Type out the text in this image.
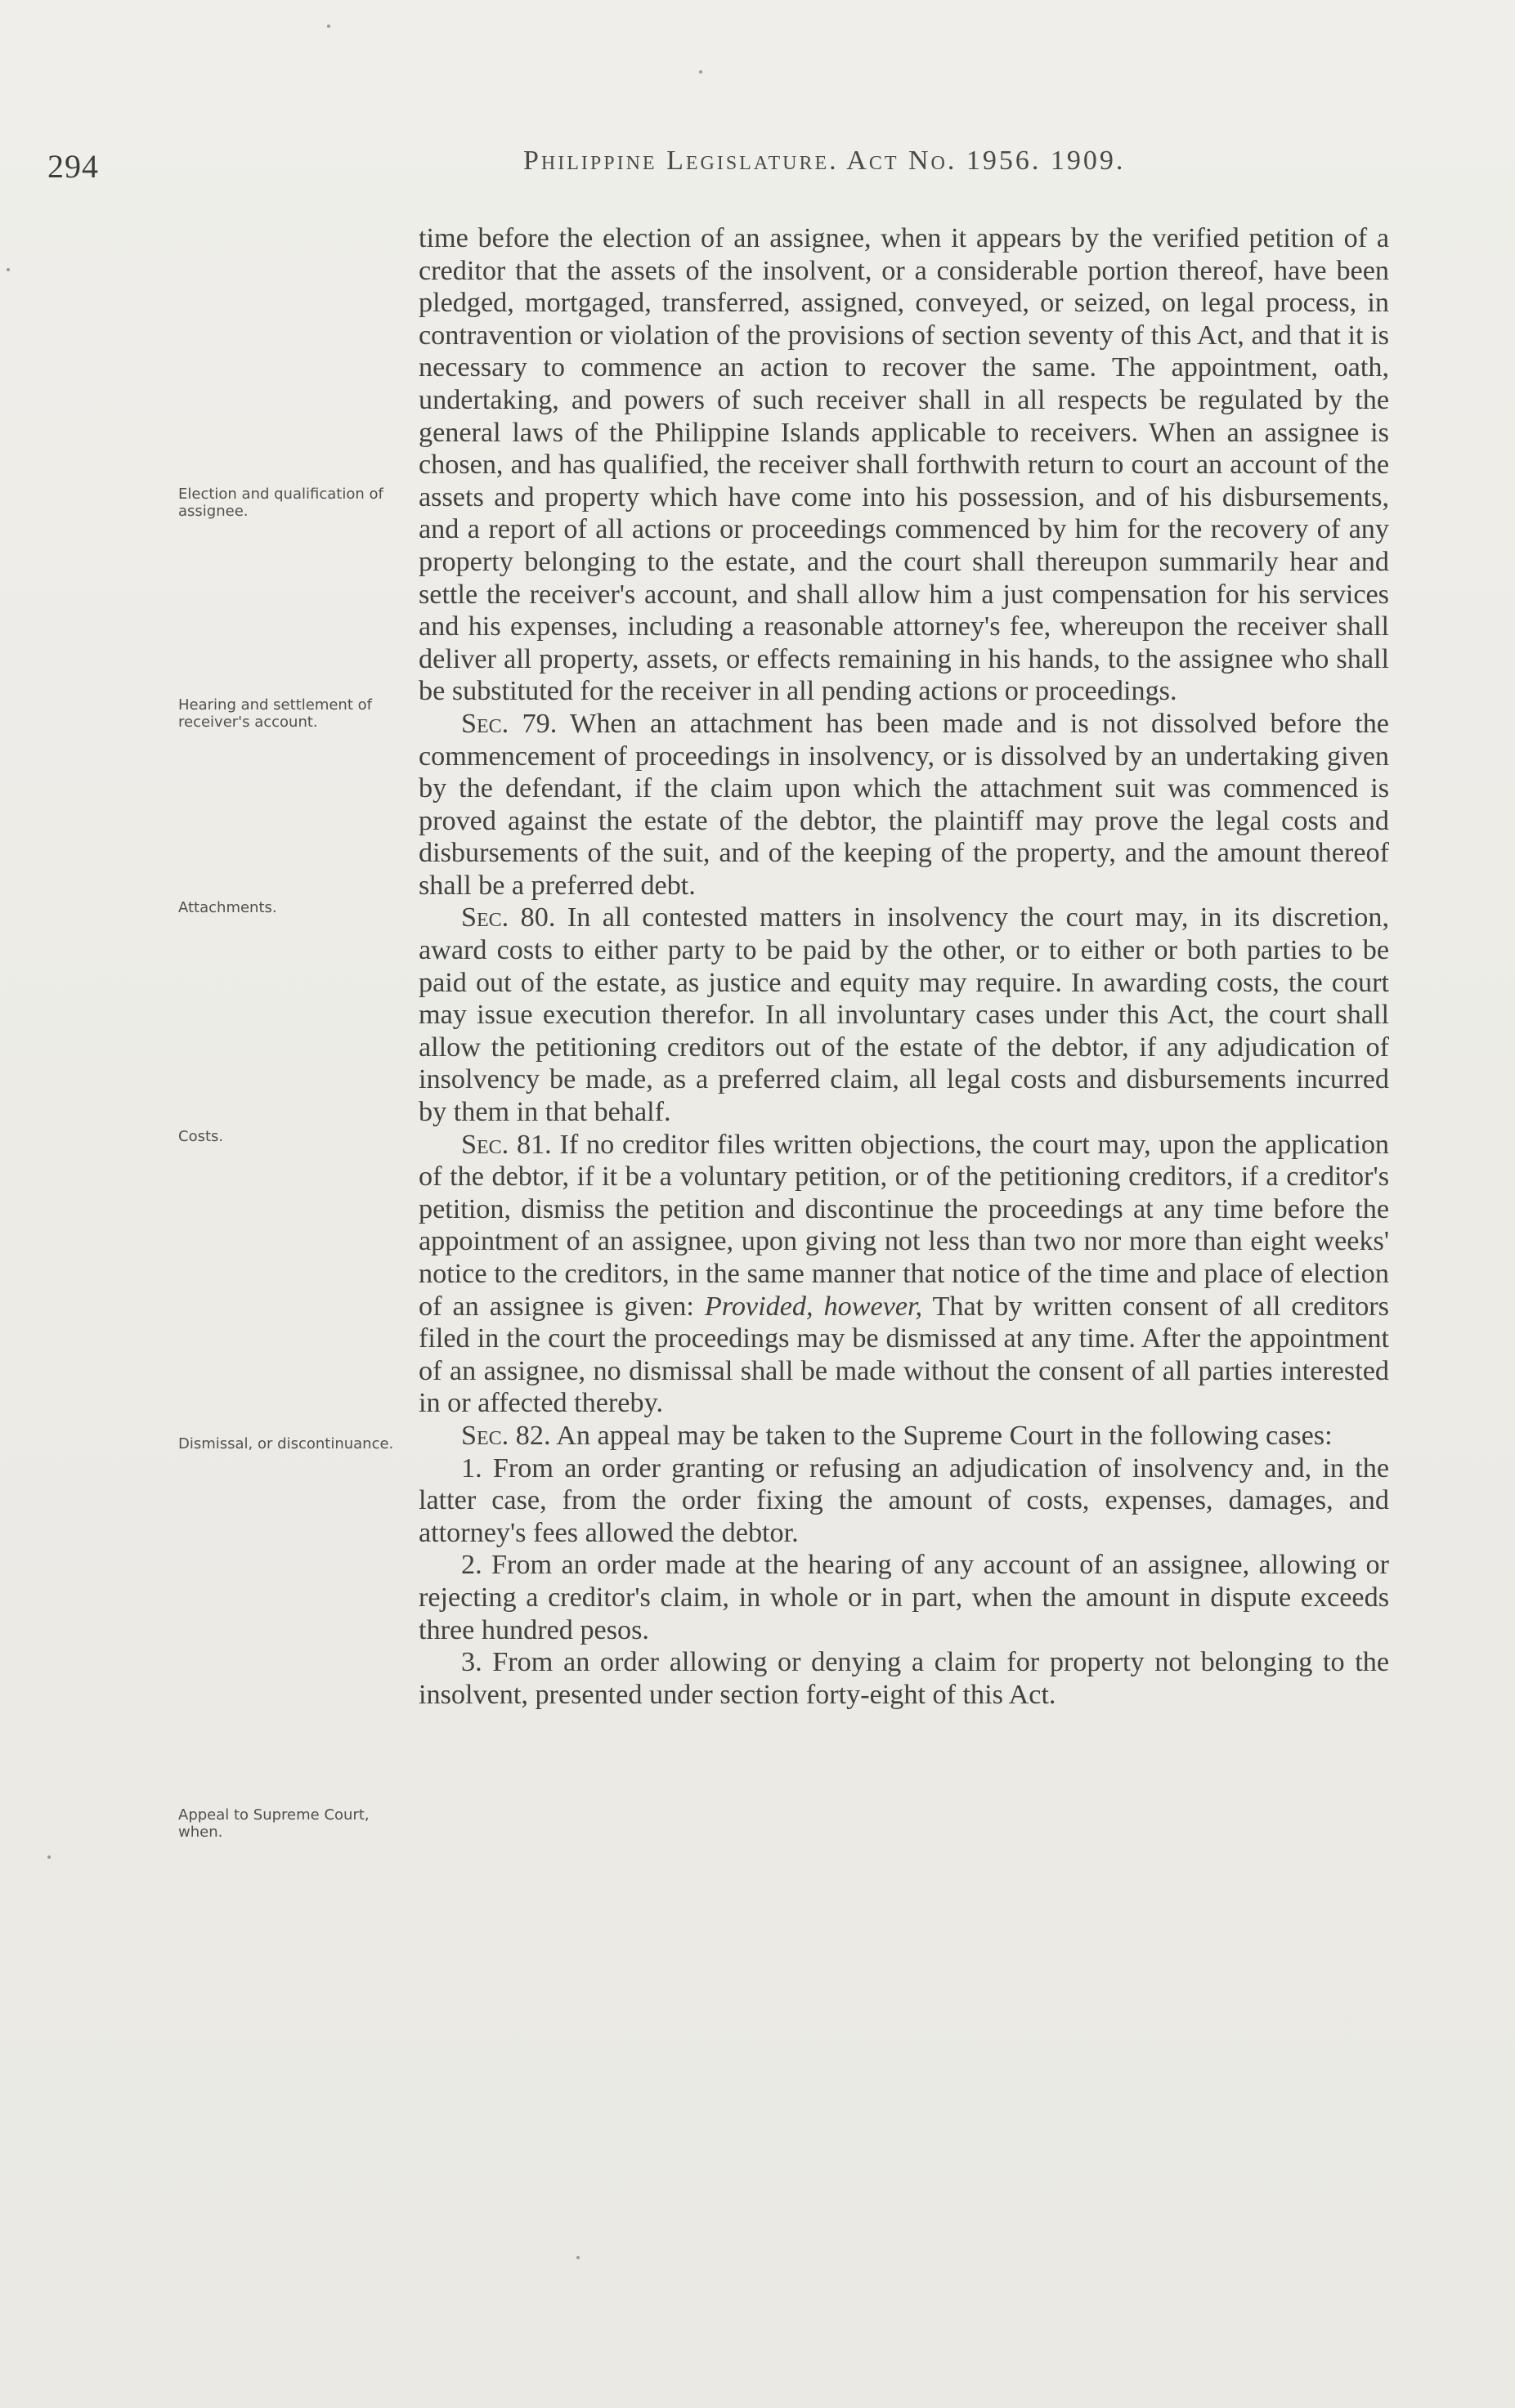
294	Philippine Legislature. Act No. 1956. 1909.
Election and qualification of assignee.
Hearing and settlement of receiver's account.
Attachments.
Costs.
Dismissal, or discontinuance.
Appeal to Supreme Court, when.

time before the election of an assignee, when it appears by the verified petition of a creditor that the assets of the insolvent, or a considerable portion thereof, have been pledged, mortgaged, transferred, assigned, conveyed, or seized, on legal process, in contravention or violation of the provisions of section seventy of this Act, and that it is necessary to commence an action to recover the same. The appointment, oath, undertaking, and powers of such receiver shall in all respects be regulated by the general laws of the Philippine Islands applicable to receivers. When an assignee is chosen, and has qualified, the receiver shall forthwith return to court an account of the assets and property which have come into his possession, and of his disbursements, and a report of all actions or proceedings commenced by him for the recovery of any property belonging to the estate, and the court shall thereupon summarily hear and settle the receiver's account, and shall allow him a just compensation for his services and his expenses, including a reasonable attorney's fee, whereupon the receiver shall deliver all property, assets, or effects remaining in his hands, to the assignee who shall be substituted for the receiver in all pending actions or proceedings.

Sec. 79. When an attachment has been made and is not dissolved before the commencement of proceedings in insolvency, or is dissolved by an undertaking given by the defendant, if the claim upon which the attachment suit was commenced is proved against the estate of the debtor, the plaintiff may prove the legal costs and disbursements of the suit, and of the keeping of the property, and the amount thereof shall be a preferred debt.

Sec. 80. In all contested matters in insolvency the court may, in its discretion, award costs to either party to be paid by the other, or to either or both parties to be paid out of the estate, as justice and equity may require. In awarding costs, the court may issue execution therefor. In all involuntary cases under this Act, the court shall allow the petitioning creditors out of the estate of the debtor, if any adjudication of insolvency be made, as a preferred claim, all legal costs and disbursements incurred by them in that behalf.

Sec. 81. If no creditor files written objections, the court may, upon the application of the debtor, if it be a voluntary petition, or of the petitioning creditors, if a creditor's petition, dismiss the petition and discontinue the proceedings at any time before the appointment of an assignee, upon giving not less than two nor more than eight weeks' notice to the creditors, in the same manner that notice of the time and place of election of an assignee is given: Provided, however, That by written consent of all creditors filed in the court the proceedings may be dismissed at any time. After the appointment of an assignee, no dismissal shall be made without the consent of all parties interested in or affected thereby.

Sec. 82. An appeal may be taken to the Supreme Court in the following cases:

1. From an order granting or refusing an adjudication of insolvency and, in the latter case, from the order fixing the amount of costs, expenses, damages, and attorney's fees allowed the debtor.

2. From an order made at the hearing of any account of an assignee, allowing or rejecting a creditor's claim, in whole or in part, when the amount in dispute exceeds three hundred pesos.

3. From an order allowing or denying a claim for property not belonging to the insolvent, presented under section forty-eight of this Act.
